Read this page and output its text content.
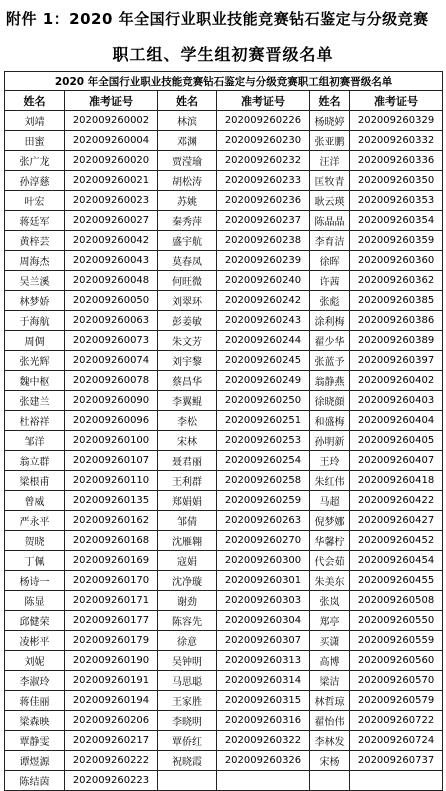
附件 1：2020 年全国行业职业技能竞赛钻石鉴定与分级竞赛
职工组、学生组初赛晋级名单
2020 年全国行业职业技能竞赛钻石鉴定与分级竞赛职工组初赛晋级名单					
姓名	准考证号	姓名	准考证号	姓名	准考证号
刘靖	202009260002	林滨	202009260226	杨晓婷	202009260329
田蜜	202009260004	邓渊	202009260230	张亚鹏	202009260332
张广龙	202009260020	贾滢瑜	202009260232	汪洋	202009260336
孙淳慈	202009260021	胡松涛	202009260233	匡牧青	202009260350
叶宏	202009260023	苏姚	202009260236	耿云瑛	202009260353
蒋廷军	202009260027	秦秀萍	202009260237	陈晶晶	202009260354
黄梓芸	202009260042	盛宇航	202009260238	李育洁	202009260359
周海杰	202009260043	莫春凤	202009260239	徐晖	202009260360
吴兰溪	202009260048	何旺微	202009260240	许茜	202009260362
林梦娇	202009260050	刘翠环	202009260242	张彪	202009260385
于海航	202009260063	彭姜敏	202009260243	涂利梅	202009260386
周倜	202009260073	朱文芳	202009260244	翟少华	202009260389
张光辉	202009260074	刘宇黎	202009260245	张蓝予	202009260397
魏中枢	202009260078	蔡昌华	202009260249	翁静燕	202009260402
张建兰	202009260090	李翼鲲	202009260250	徐晓顔	202009260403
杜裕祥	202009260096	李松	202009260251	和盛梅	202009260404
邹洋	202009260100	宋林	202009260253	孙明新	202009260405
翁立群	202009260107	聂君丽	202009260254	王玲	202009260407
梁根甫	202009260110	王利群	202009260258	朱红伟	202009260418
曾威	202009260135	郑娟娟	202009260259	马超	202009260422
严永平	202009260162	邹倩	202009260263	倪梦娜	202009260427
贺晓	202009260168	沈雁翱	202009260270	华馨柠	202009260452
丁佩	202009260169	寇娟	202009260300	代会茹	202009260454
杨诗一	202009260170	沈净璇	202009260301	朱美东	202009260455
陈显	202009260171	谢劲	202009260303	张岚	202009260508
邱健荣	202009260177	陈容先	202009260304	郑亭	202009260550
凌彬平	202009260179	徐意	202009260307	买潇	202009260559
刘妮	202009260190	吴钟明	202009260313	高博	202009260560
李淑玲	202009260191	马思聪	202009260314	梁洁	202009260570
蒋佳丽	202009260194	王家胜	202009260315	林哲琼	202009260579
梁森映	202009260206	李晓明	202009260316	翟怡伟	202009260722
覃静雯	202009260217	覃侨红	202009260322	李林发	202009260724
谭煜源	202009260222	祝晓霞	202009260326	宋杨	202009260737
陈结茵	202009260223				
